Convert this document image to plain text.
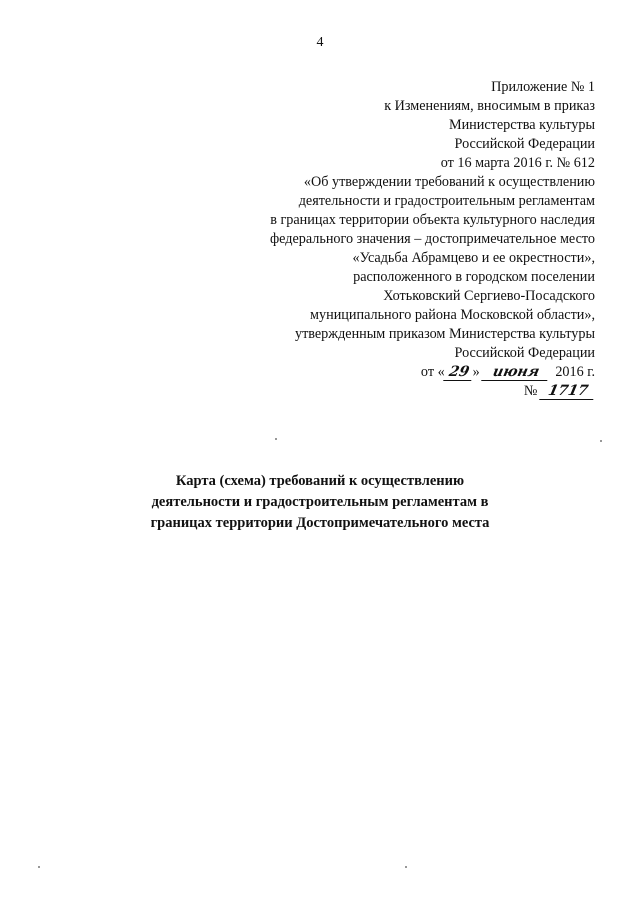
4
Приложение № 1
к Изменениям, вносимым в приказ
Министерства культуры
Российской Федерации
от 16 марта 2016 г. № 612
«Об утверждении требований к осуществлению
деятельности и градостроительным регламентам
в границах территории объекта культурного наследия
федерального значения – достопримечательное место
«Усадьба Абрамцево и ее окрестности»,
расположенного в городском поселении
Хотьковский Сергиево-Посадского
муниципального района Московской области»,
утвержденным приказом Министерства культуры
Российской Федерации
от « 29 » июня 2016 г.
№ 1717
Карта (схема) требований к осуществлению
деятельности и градостроительным регламентам в
границах территории Достопримечательного места
